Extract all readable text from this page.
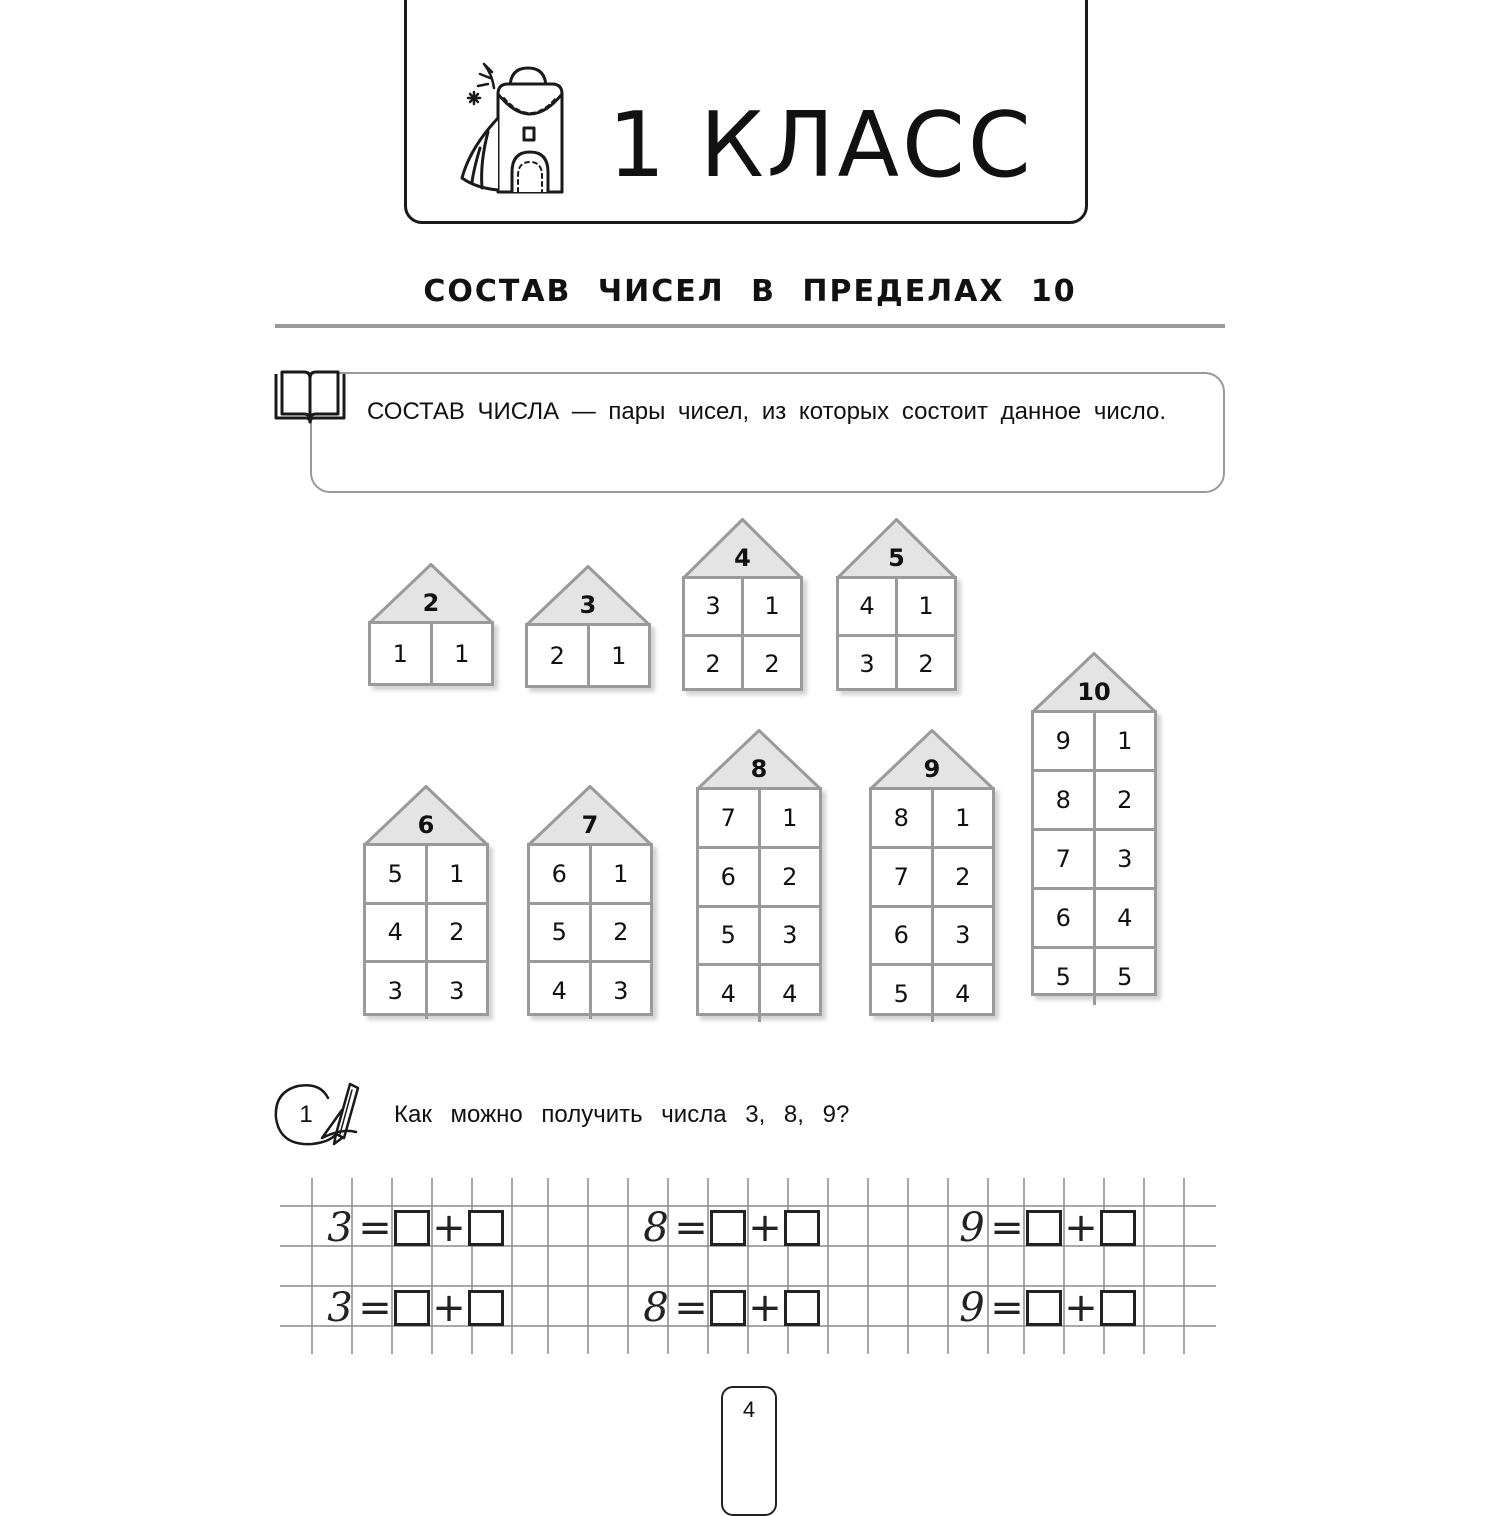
1 КЛАСС
СОСТАВ ЧИСЕЛ В ПРЕДЕЛАХ 10
СОСТАВ ЧИСЛА — пары чисел, из которых состоит данное число.
2
1	1
3
2	1
4
3	1
2	2
5
4	1
3	2
6
5	1
4	2
3	3
7
6	1
5	2
4	3
8
7	1
6	2
5	3
4	4
9
8	1
7	2
6	3
5	4
10
9	1
8	2
7	3
6	4
5	5
1	Как можно получить числа 3, 8, 9?
3 = +	8 = +	9 = +
3 = +	8 = +	9 = +
4
